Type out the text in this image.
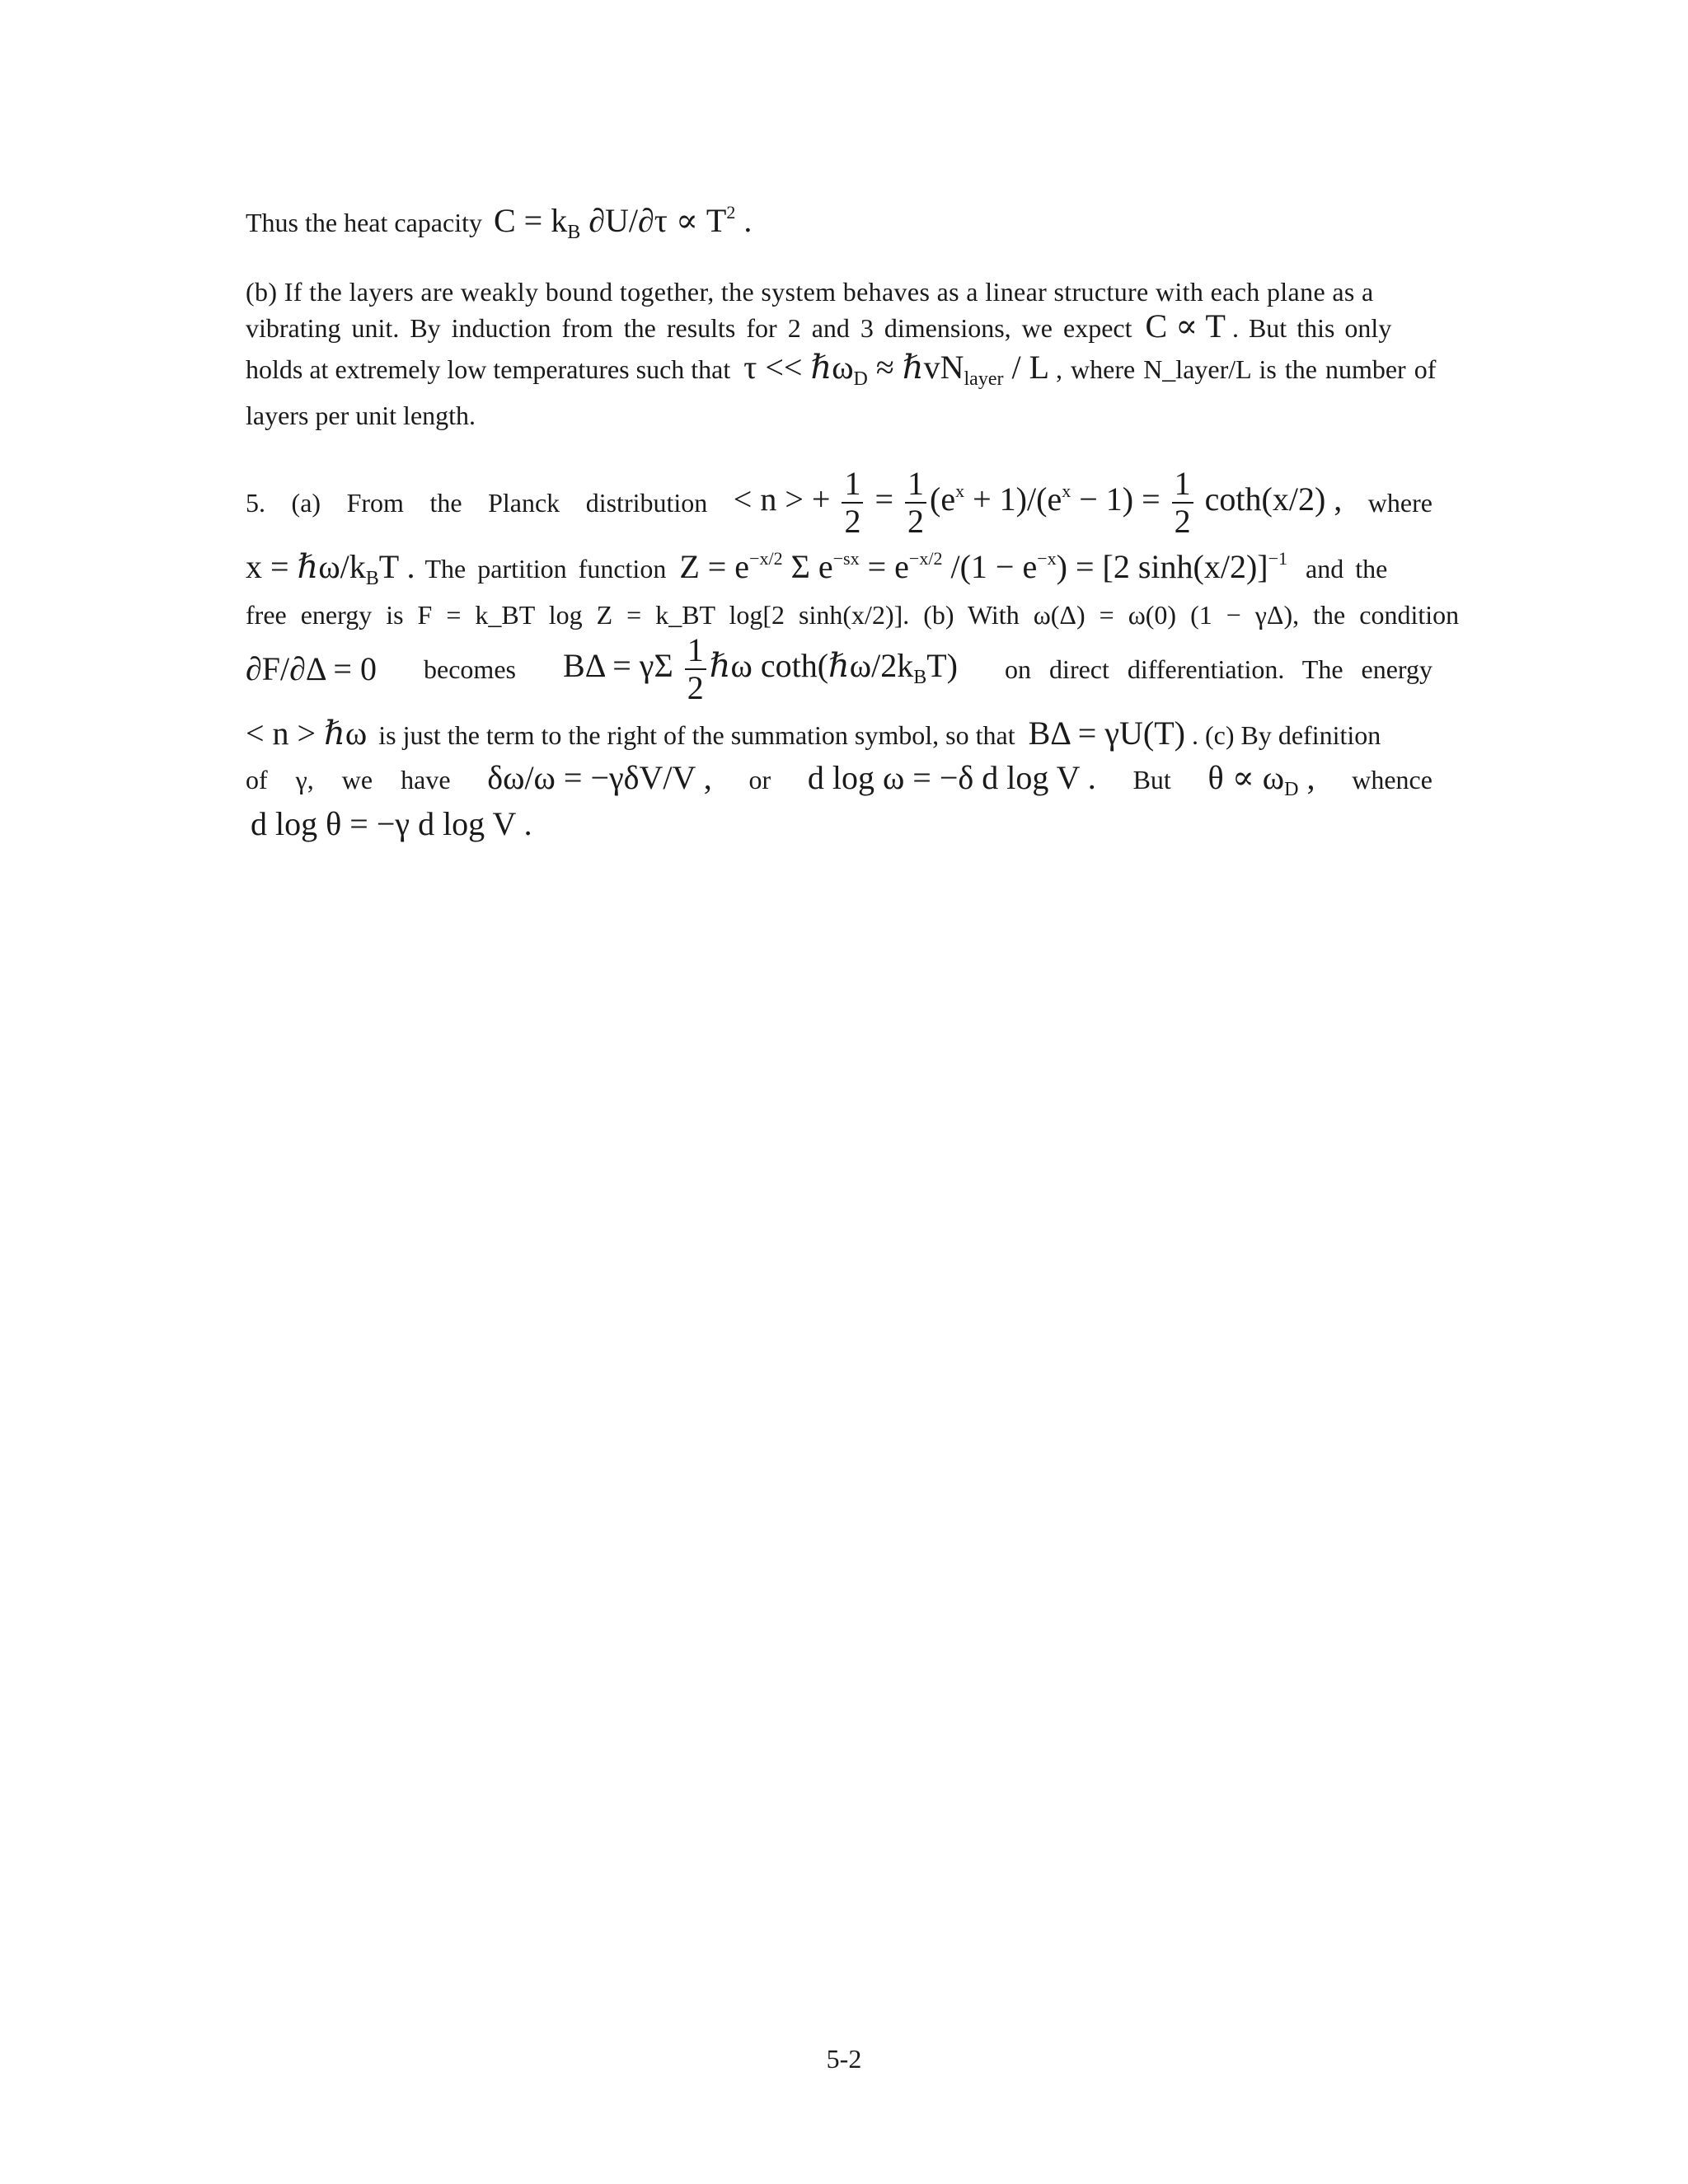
Thus the heat capacity $C = k_B$ $\partial U/\partial\tau \propto T^2$ .
(b) If the layers are weakly bound together, the system behaves as a linear structure with each plane as a
vibrating unit. By induction from the results for 2 and 3 dimensions, we expect C ∝ T . But this only
holds at extremely low temperatures such that τ << ℏω$_D$ ≈ ℏvN$_{layer}$ / L , where N_layer/L is the number of
layers per unit length.
5. (a) From the Planck distribution < n > + $\frac{1}{2} = \frac{1}{2} (e^x + 1)/(e^x - 1) = \frac{1}{2} \cot h(x/2)$ , where
$x = \hbar\omega/k_BT$ . The partition function $Z = e^{-x/2}$ Σ $e^{-sx} = e^{-x/2}$ $/(1 - e^{-x}) = [2$ sinh(x/2)]$^{-1}$ and the
free energy is F = k_BT log Z = k_BT log[2 sinh(x/2)]. (b) With ω(Δ) = ω(0) (1 − γΔ), the condition
∂F/∂Δ = 0 becomes BΔ = γΣ $\frac{1}{2}$ ℏω $\cot h(\hbar\omega/2k_BT)$ on direct differentiation. The energy
< n > ℏω is just the term to the right of the summation symbol, so that BΔ = γU(T) . (c) By definition
of γ, we have δω/ω = −γδV/V , or d log ω = −δ d log V . But $\theta \propto \omega_D$ , whence
d log θ = −γ d log V .
5-2
